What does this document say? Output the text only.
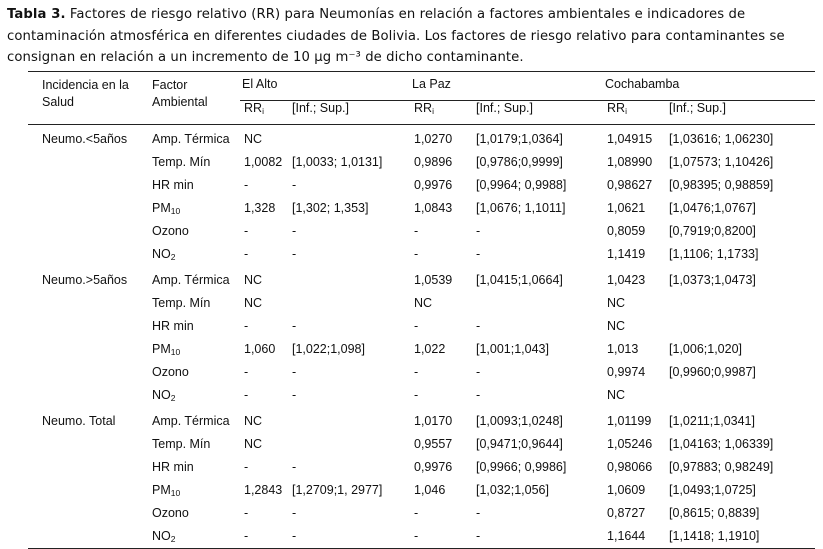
Tabla 3. Factores de riesgo relativo (RR) para Neumonías en relación a factores ambientales e indicadores de contaminación atmosférica en diferentes ciudades de Bolivia. Los factores de riesgo relativo para contaminantes se consignan en relación a un incremento de 10 µg m⁻³ de dicho contaminante.
Incidencia en la Salud	Factor Ambiental	El Alto		La Paz		Cochabamba	
		$RR_i$	[Inf.; Sup.]	$RR_i$	[Inf.; Sup.]	$RR_i$	[Inf.; Sup.]
Neumo.<5años	Amp. Térmica	NC		1,0270	[1,0179;1,0364]	1,04915	[1,03616; 1,06230]
	Temp. Mín	1,0082	[1,0033; 1,0131]	0,9896	[0,9786;0,9999]	1,08990	[1,07573; 1,10426]
	HR min	-	-	0,9976	[0,9964; 0,9988]	0,98627	[0,98395; 0,98859]
	$PM_{10}$	1,328	[1,302; 1,353]	1,0843	[1,0676; 1,1011]	1,0621	[1,0476;1,0767]
	Ozono	-	-	-	-	0,8059	[0,7919;0,8200]
	$NO_2$	-	-	-	-	1,1419	[1,1106; 1,1733]
Neumo.>5años	Amp. Térmica	NC		1,0539	[1,0415;1,0664]	1,0423	[1,0373;1,0473]
	Temp. Mín	NC		NC		NC	
	HR min	-	-	-	-	NC	
	$PM_{10}$	1,060	[1,022;1,098]	1,022	[1,001;1,043]	1,013	[1,006;1,020]
	Ozono	-	-	-	-	0,9974	[0,9960;0,9987]
	$NO_2$	-	-	-	-	NC	
Neumo. Total	Amp. Térmica	NC		1,0170	[1,0093;1,0248]	1,01199	[1,0211;1,0341]
	Temp. Mín	NC		0,9557	[0,9471;0,9644]	1,05246	[1,04163; 1,06339]
	HR min	-	-	0,9976	[0,9966; 0,9986]	0,98066	[0,97883; 0,98249]
	$PM_{10}$	1,2843	[1,2709;1, 2977]	1,046	[1,032;1,056]	1,0609	[1,0493;1,0725]
	Ozono	-	-	-	-	0,8727	[0,8615; 0,8839]
	$NO_2$	-	-	-	-	1,1644	[1,1418; 1,1910]
